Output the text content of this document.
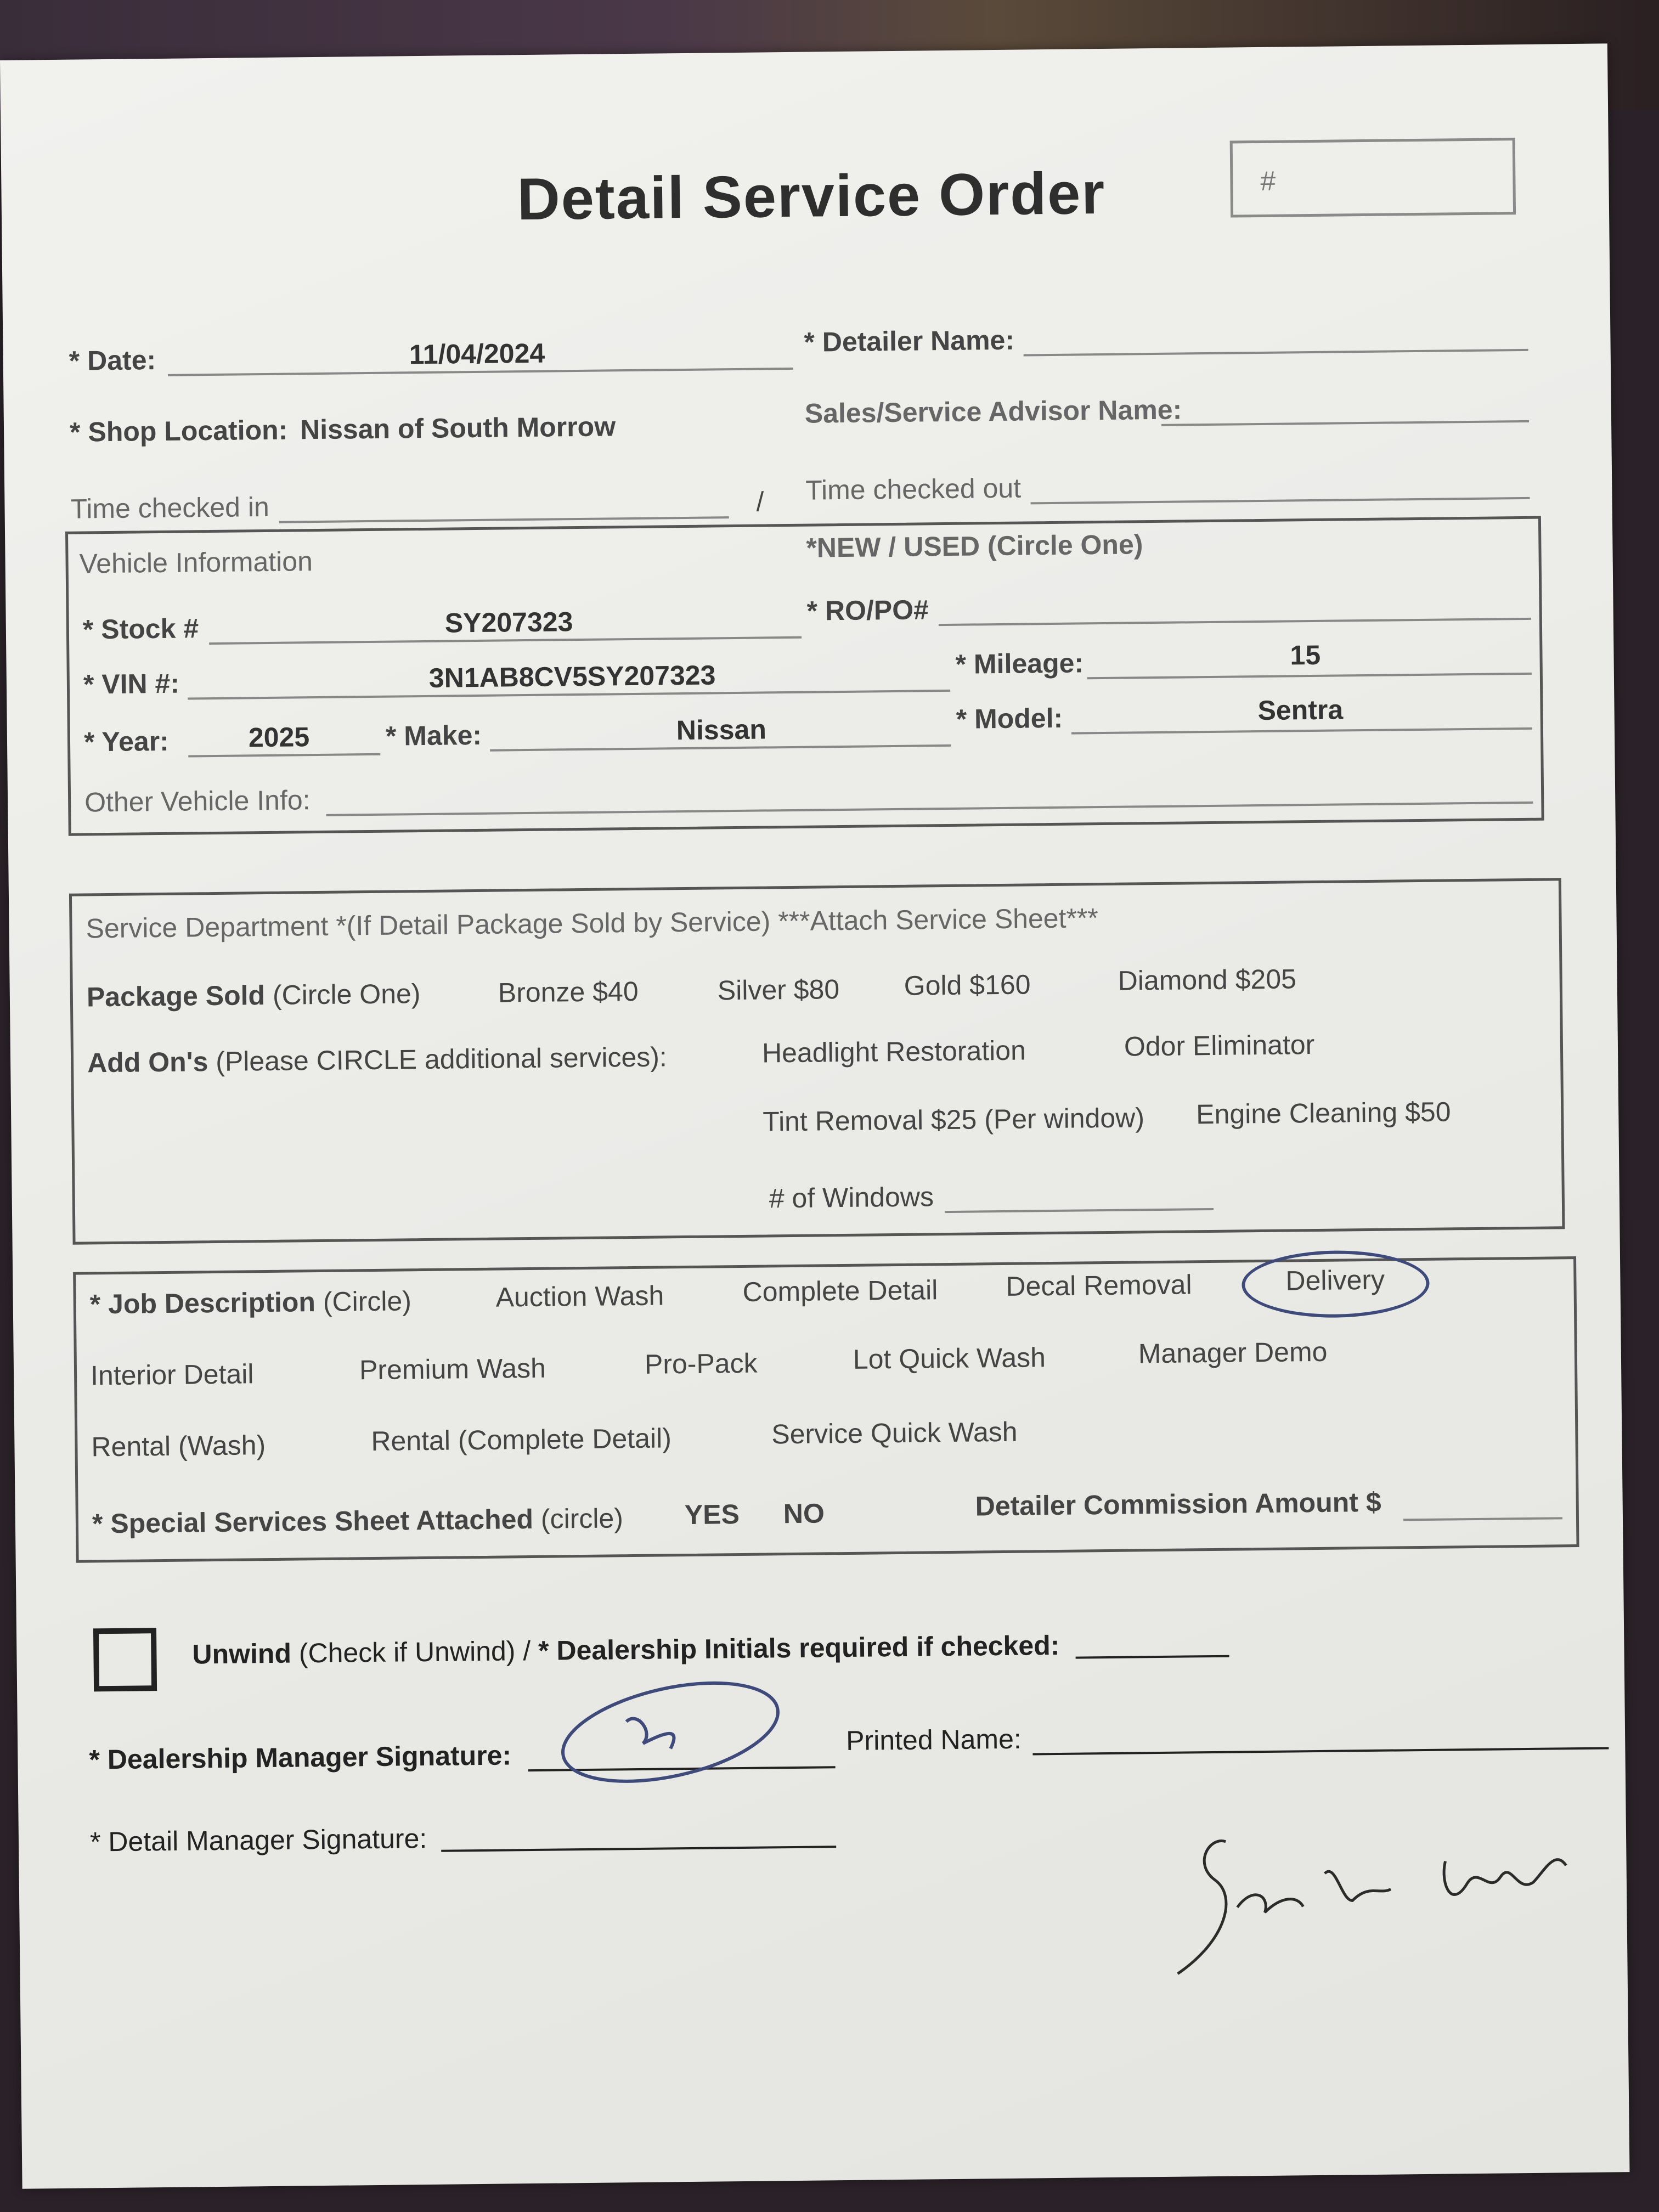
Detail Service Order	#
* Date:	11/04/2024	* Detailer Name:
* Shop Location: Nissan of South Morrow	Sales/Service Advisor Name:
Time checked in	/ Time checked out
Vehicle Information	*NEW / USED (Circle One)
* Stock #	SY207323	* RO/PO#
* VIN #:	3N1AB8CV5SY207323	* Mileage:	15
* Year:	2025	* Make:	Nissan	* Model:	Sentra
Other Vehicle Info:
Service Department *(If Detail Package Sold by Service) ***Attach Service Sheet***
Package Sold (Circle One)	Bronze $40	Silver $80 Gold $160	Diamond $205
Add On's (Please CIRCLE additional services):	Headlight Restoration	Odor Eliminator
Tint Removal $25 (Per window) Engine Cleaning $50
# of Windows
* Job Description (Circle)	Auction Wash	Complete Detail Decal Removal	Delivery
Interior Detail	Premium Wash	Pro-Pack	Lot Quick Wash	Manager Demo
Rental (Wash)	Rental (Complete Detail)	Service Quick Wash
* Special Services Sheet Attached (circle) YES NO	Detailer Commission Amount $
Unwind (Check if Unwind) / * Dealership Initials required if checked:
* Dealership Manager Signature:
Printed Name:
* Detail Manager Signature:
